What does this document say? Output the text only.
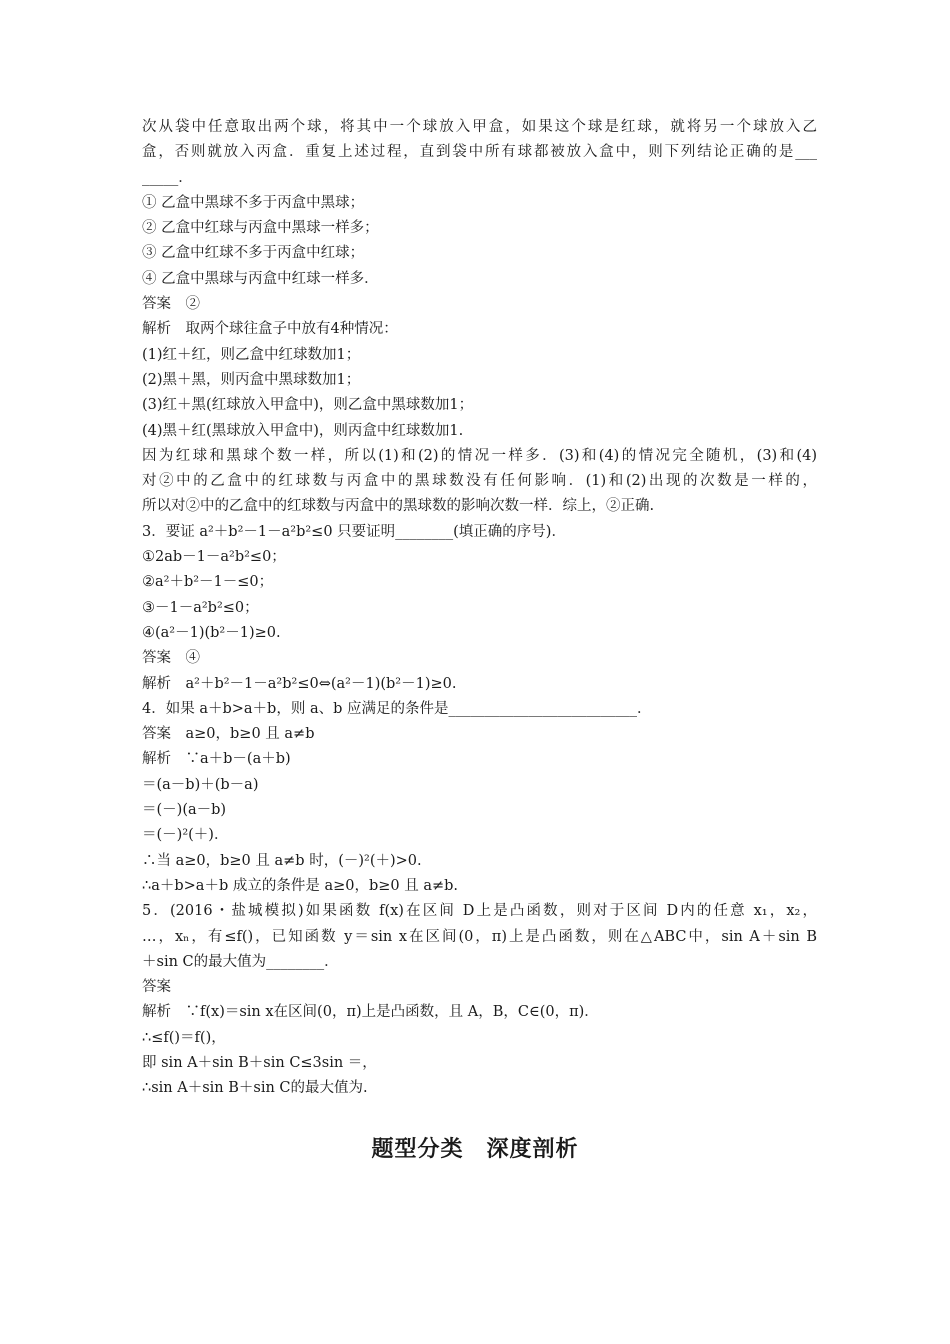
次从袋中任意取出两个球，将其中一个球放入甲盒，如果这个球是红球，就将另一个球放入乙
盒，否则就放入丙盒．重复上述过程，直到袋中所有球都被放入盒中，则下列结论正确的是___
_____．
① 乙盒中黑球不多于丙盒中黑球；
② 乙盒中红球与丙盒中黑球一样多；
③ 乙盒中红球不多于丙盒中红球；
④ 乙盒中黑球与丙盒中红球一样多．
答案　②
解析　取两个球往盒子中放有4种情况：
(1)红＋红，则乙盒中红球数加1；
(2)黑＋黑，则丙盒中黑球数加1；
(3)红＋黑(红球放入甲盒中)，则乙盒中黑球数加1；
(4)黑＋红(黑球放入甲盒中)，则丙盒中红球数加1.
因为红球和黑球个数一样，所以(1)和(2)的情况一样多．(3)和(4)的情况完全随机，(3)和(4)
对②中的乙盒中的红球数与丙盒中的黑球数没有任何影响．(1)和(2)出现的次数是一样的，
所以对②中的乙盒中的红球数与丙盒中的黑球数的影响次数一样．综上，②正确.
3．要证 a²＋b²－1－a²b²≤0 只要证明________(填正确的序号)．
①2ab－1－a²b²≤0；
②a²＋b²－1－≤0；
③－1－a²b²≤0；
④(a²－1)(b²－1)≥0.
答案　④
解析　a²＋b²－1－a²b²≤0⇔(a²－1)(b²－1)≥0.
4．如果 a＋b>a＋b，则 a、b 应满足的条件是__________________________．
答案　a≥0，b≥0 且 a≠b
解析　∵a＋b－(a＋b)
＝(a－b)＋(b－a)
＝(－)(a－b)
＝(－)²(＋)．
∴当 a≥0，b≥0 且 a≠b 时，(－)²(＋)>0.
∴a＋b>a＋b 成立的条件是 a≥0，b≥0 且 a≠b.
5．(2016・盐城模拟)如果函数 f(x)在区间 D上是凸函数，则对于区间 D内的任意 x₁，x₂，
…，xₙ，有≤f()，已知函数 y＝sin x在区间(0，π)上是凸函数，则在△ABC中，sin A＋sin B
＋sin C的最大值为________．
答案
解析　∵f(x)＝sin x在区间(0，π)上是凸函数，且 A，B，C∈(0，π)．
∴≤f()＝f()，
即 sin A＋sin B＋sin C≤3sin ＝，
∴sin A＋sin B＋sin C的最大值为.
题型分类　深度剖析
